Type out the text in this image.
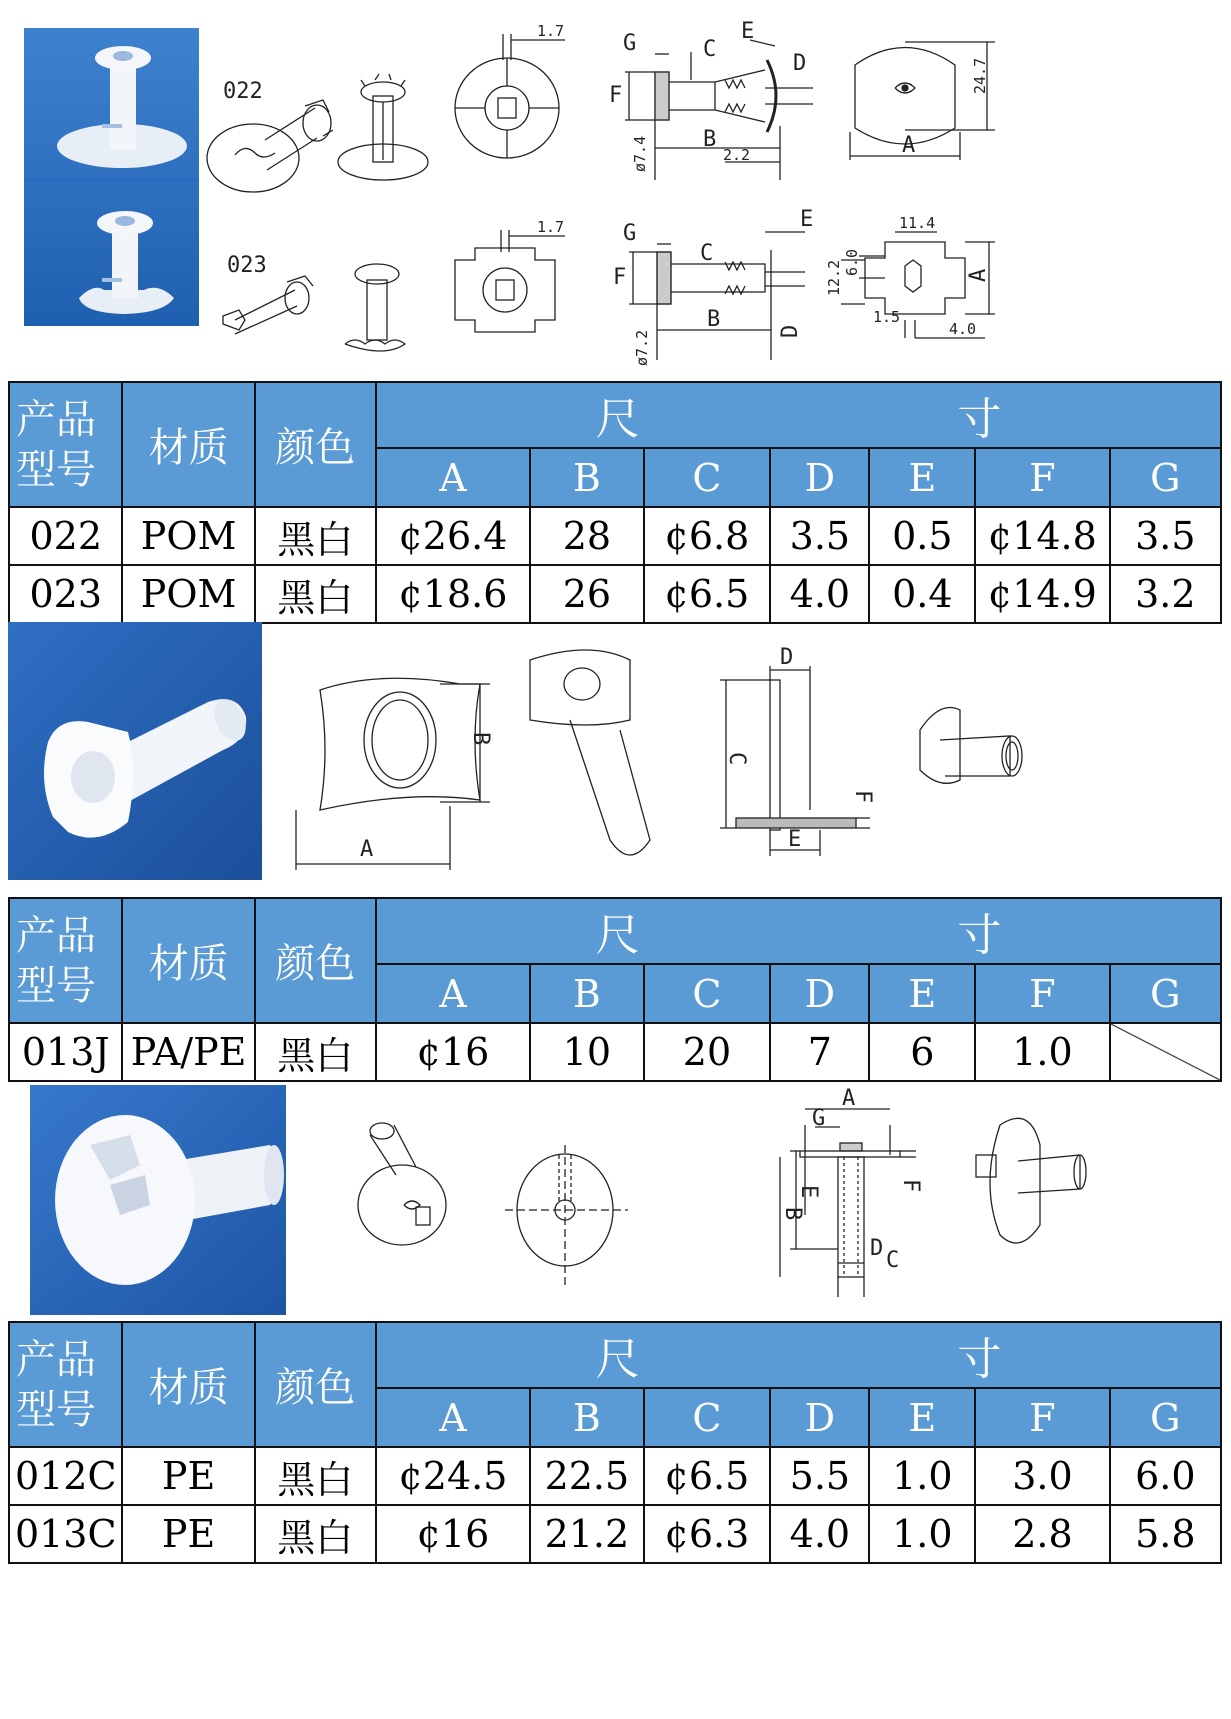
022
023
1.7
F
G	C
E
D
B
2.2
ø7.4
24.7
A
1.7
F
G
C
E
D
B
ø7.2
11.4
A
6.0
12.2
1.5
4.0
产品
型号	材质	颜色	尺 寸						

			A	B	C	D	E	F	G
022	POM	黑白	¢26.4	28	¢6.8	3.5	0.5	¢14.8	3.5
023	POM	黑白	¢18.6	26	¢6.5	4.0	0.4	¢14.9	3.2
B
A
D
C
F
E
产品
型号	材质	颜色	尺 寸						

			A	B	C	D	E	F	G
013J	PA/PE	黑白	¢16	10	20	7	6	1.0	
A
G
E
B
F
D C
产品
型号	材质	颜色	尺 寸						

			A	B	C	D	E	F	G
012C	PE	黑白	¢24.5	22.5	¢6.5	5.5	1.0	3.0	6.0
013C	PE	黑白	¢16	21.2	¢6.3	4.0	1.0	2.8	5.8
